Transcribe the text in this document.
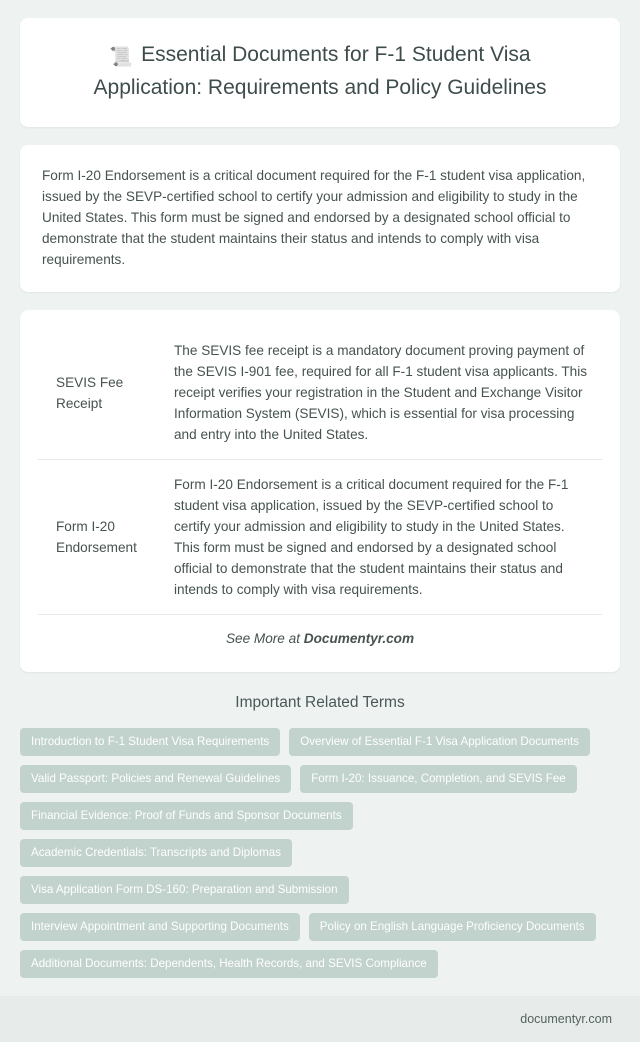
📜 Essential Documents for F-1 Student Visa
Application: Requirements and Policy Guidelines

Form I-20 Endorsement is a critical document required for the F-1 student visa application, issued by the SEVP-certified school to certify your admission and eligibility to study in the United States. This form must be signed and endorsed by a designated school official to demonstrate that the student maintains their status and intends to comply with visa requirements.

SEVIS Fee Receipt	The SEVIS fee receipt is a mandatory document proving payment of the SEVIS I-901 fee, required for all F-1 student visa applicants. This receipt verifies your registration in the Student and Exchange Visitor Information System (SEVIS), which is essential for visa processing and entry into the United States.
Form I-20 Endorsement	Form I-20 Endorsement is a critical document required for the F-1 student visa application, issued by the SEVP-certified school to certify your admission and eligibility to study in the United States. This form must be signed and endorsed by a designated school official to demonstrate that the student maintains their status and intends to comply with visa requirements.
See More at Documentyr.com
Important Related Terms
Introduction to F-1 Student Visa Requirements	Overview of Essential F-1 Visa Application Documents
Valid Passport: Policies and Renewal Guidelines	Form I-20: Issuance, Completion, and SEVIS Fee
Financial Evidence: Proof of Funds and Sponsor Documents
Academic Credentials: Transcripts and Diplomas
Visa Application Form DS-160: Preparation and Submission
Interview Appointment and Supporting Documents	Policy on English Language Proficiency Documents
Additional Documents: Dependents, Health Records, and SEVIS Compliance
documentyr.com
